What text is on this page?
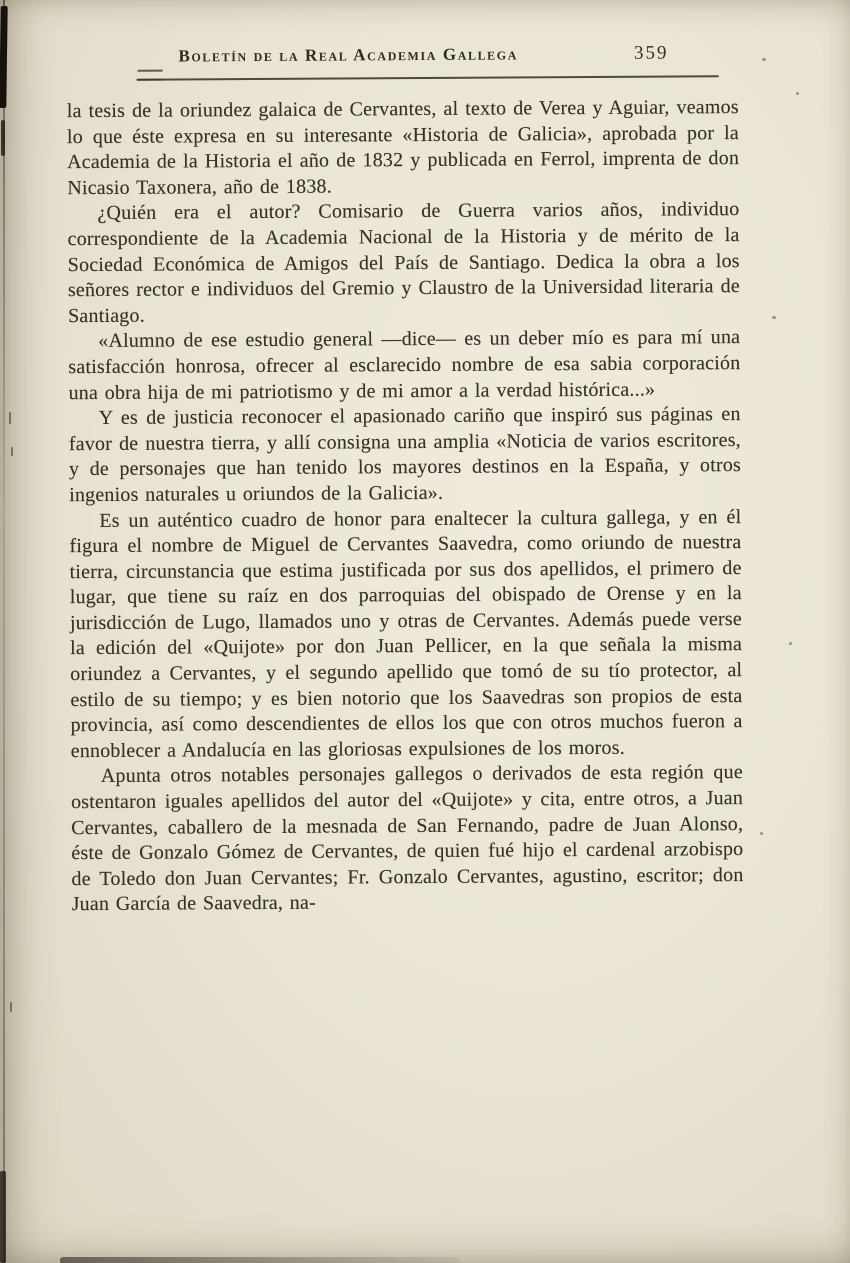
Boletín de la Real Academia Gallega	359

la tesis de la oriundez galaica de Cervantes, al texto de Verea y Aguiar, veamos lo que éste expresa en su interesante «Historia de Galicia», aprobada por la Academia de la Historia el año de 1832 y publicada en Ferrol, imprenta de don Nicasio Taxonera, año de 1838.

¿Quién era el autor? Comisario de Guerra varios años, individuo correspondiente de la Academia Nacional de la Historia y de mérito de la Sociedad Económica de Amigos del País de Santiago. Dedica la obra a los señores rector e individuos del Gremio y Claustro de la Universidad literaria de Santiago.

«Alumno de ese estudio general —dice— es un deber mío es para mí una satisfacción honrosa, ofrecer al esclarecido nombre de esa sabia corporación una obra hija de mi patriotismo y de mi amor a la verdad histórica...»

Y es de justicia reconocer el apasionado cariño que inspiró sus páginas en favor de nuestra tierra, y allí consigna una amplia «Noticia de varios escritores, y de personajes que han tenido los mayores destinos en la España, y otros ingenios naturales u oriundos de la Galicia».

Es un auténtico cuadro de honor para enaltecer la cultura gallega, y en él figura el nombre de Miguel de Cervantes Saavedra, como oriundo de nuestra tierra, circunstancia que estima justificada por sus dos apellidos, el primero de lugar, que tiene su raíz en dos parroquias del obispado de Orense y en la jurisdicción de Lugo, llamados uno y otras de Cervantes. Además puede verse la edición del «Quijote» por don Juan Pellicer, en la que señala la misma oriundez a Cervantes, y el segundo apellido que tomó de su tío protector, al estilo de su tiempo; y es bien notorio que los Saavedras son propios de esta provincia, así como descendientes de ellos los que con otros muchos fueron a ennoblecer a Andalucía en las gloriosas expulsiones de los moros.

Apunta otros notables personajes gallegos o derivados de esta región que ostentaron iguales apellidos del autor del «Quijote» y cita, entre otros, a Juan Cervantes, caballero de la mesnada de San Fernando, padre de Juan Alonso, éste de Gonzalo Gómez de Cervantes, de quien fué hijo el cardenal arzobispo de Toledo don Juan Cervantes; Fr. Gonzalo Cervantes, agustino, escritor; don Juan García de Saavedra, na-
